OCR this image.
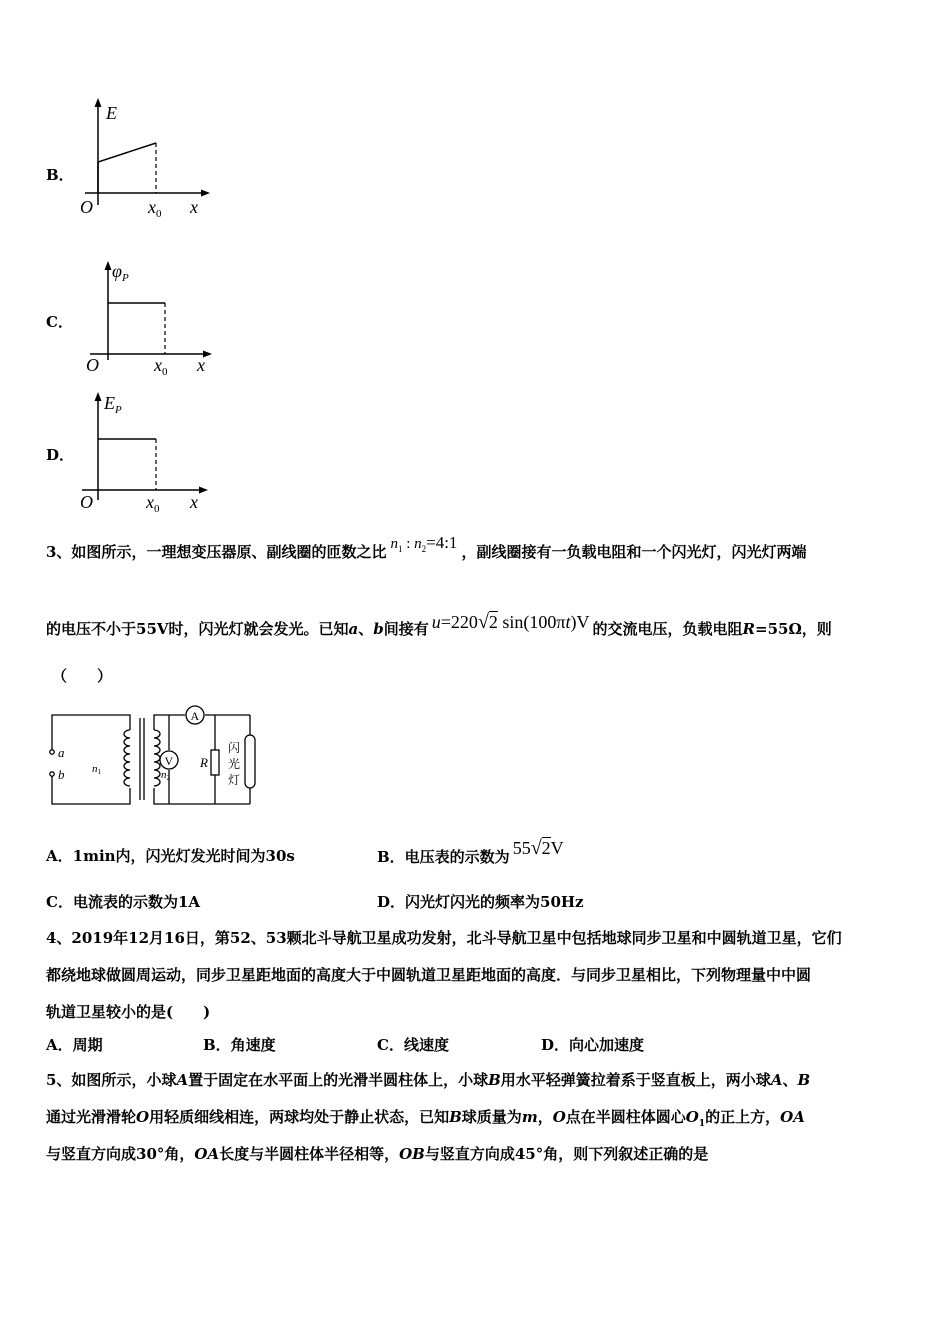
B．
E
O	$x_0$ x
C．
$\varphi_P$
O	$x_0$ x
D．
$E_P$
O	$x_0$ x
3、如图所示，一理想变压器原、副线圈的匝数之比 $n_1$ : $n_2=4:1$ ，副线圈接有一负载电阻和一个闪光灯，闪光灯两端
的电压不小于55V时，闪光灯就会发光。已知a、b间接有 u=220√2 sin(100πt)V 的交流电压，负载电阻R=55Ω，则
（　　）
a
b	n1	n2
A
V R
闪
光
灯
A．1min内，闪光灯发光时间为30s	B．电压表的示数为 55√2V
C．电流表的示数为1A	D．闪光灯闪光的频率为50Hz
4、2019年12月16日，第52、53颗北斗导航卫星成功发射，北斗导航卫星中包括地球同步卫星和中圆轨道卫星，它们
都绕地球做圆周运动，同步卫星距地面的高度大于中圆轨道卫星距地面的高度．与同步卫星相比，下列物理量中中圆
轨道卫星较小的是(　　)
A．周期	B．角速度	C．线速度	D．向心加速度
5、如图所示，小球A置于固定在水平面上的光滑半圆柱体上，小球B用水平轻弹簧拉着系于竖直板上，两小球A、B
通过光滑滑轮O用轻质细线相连，两球均处于静止状态，已知B球质量为m，O点在半圆柱体圆心$O_1$的正上方，OA
与竖直方向成30°角，OA长度与半圆柱体半径相等，OB与竖直方向成45°角，则下列叙述正确的是
